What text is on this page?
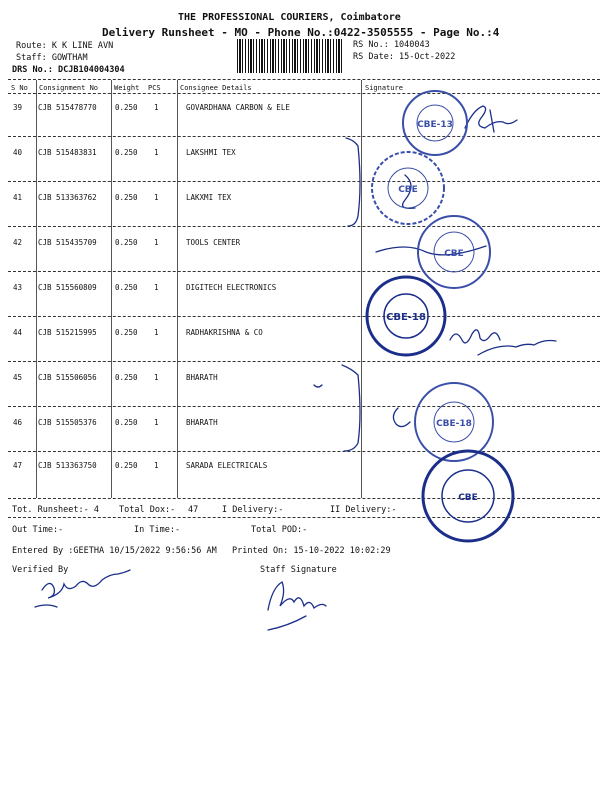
THE PROFESSIONAL COURIERS, Coimbatore
Delivery Runsheet - MO - Phone No.:0422-3505555 - Page No.:4
Route: K K LINE AVN
Staff: GOWTHAM
DRS No.: DCJB104004304
RS No.: 1040043
RS Date: 15-Oct-2022
S No Consignment No Weight PCS	Consignee Details	Signature
39 CJB 515478770 0.250 1	GOVARDHANA CARBON & ELE
40 CJB 515483831 0.250 1	LAKSHMI TEX
41 CJB 513363762 0.250 1	LAKXMI TEX
42 CJB 515435709 0.250 1	TOOLS CENTER
43 CJB 515560809 0.250 1	DIGITECH ELECTRONICS
44 CJB 515215995 0.250 1	RADHAKRISHNA & CO
45 CJB 515506056 0.250 1	BHARATH
46 CJB 515505376 0.250 1	BHARATH
47 CJB 513363750 0.250 1	SARADA ELECTRICALS
Tot. Runsheet:- 4 Total Dox:- 47	I Delivery:-	II Delivery:-
Out Time:-	In Time:-	Total POD:-
Entered By :GEETHA 10/15/2022 9:56:56 AM Printed On: 15-10-2022 10:02:29
Verified By	Staff Signature
CBE-13
CBE
CBE
CBE-18
CBE-18
CBE
